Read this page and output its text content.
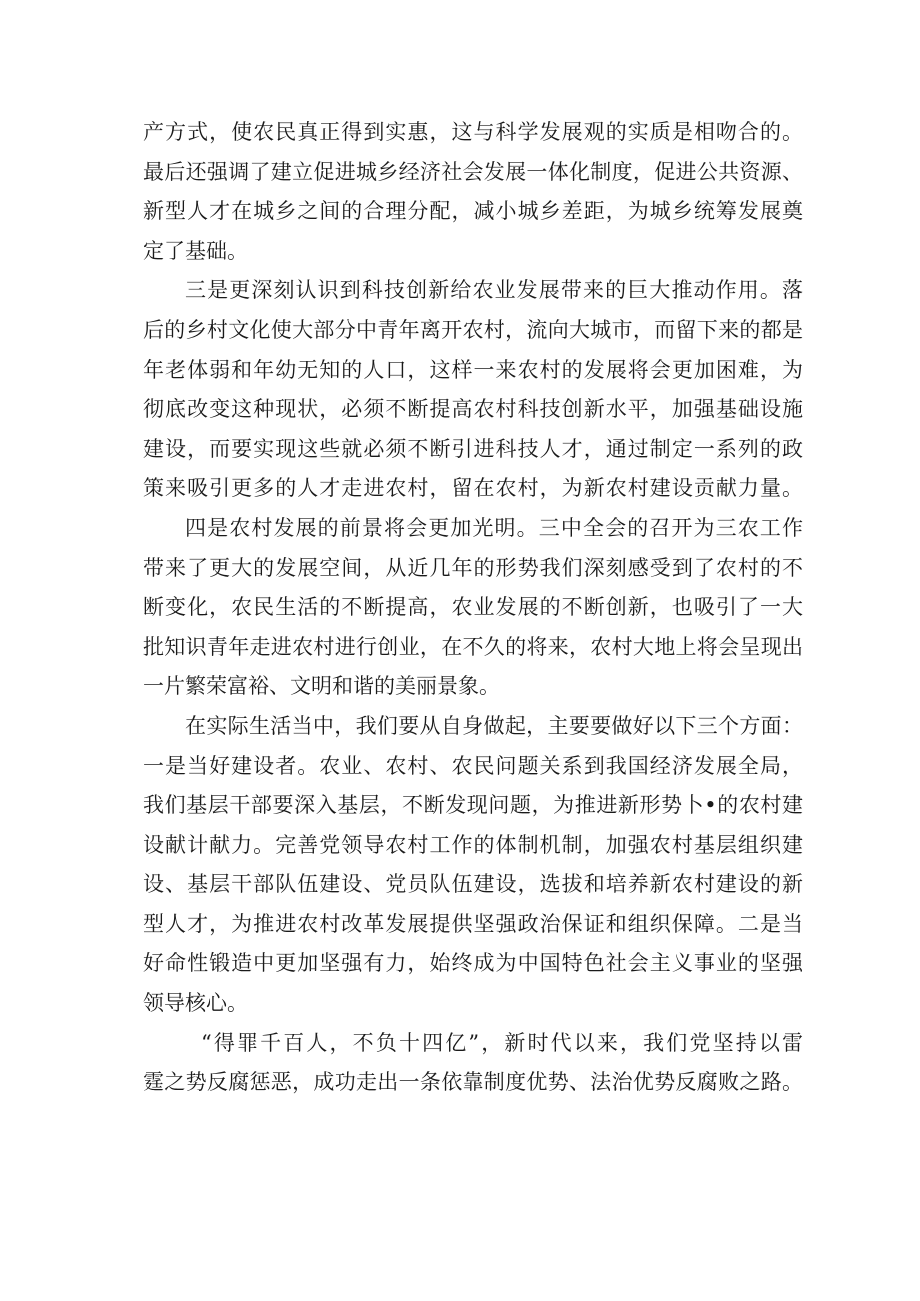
产方式，使农民真正得到实惠，这与科学发展观的实质是相吻合的。
最后还强调了建立促进城乡经济社会发展一体化制度，促进公共资源、
新型人才在城乡之间的合理分配，减小城乡差距，为城乡统筹发展奠
定了基础。
三是更深刻认识到科技创新给农业发展带来的巨大推动作用。落
后的乡村文化使大部分中青年离开农村，流向大城市，而留下来的都是
年老体弱和年幼无知的人口，这样一来农村的发展将会更加困难，为
彻底改变这种现状，必须不断提高农村科技创新水平，加强基础设施
建设，而要实现这些就必须不断引进科技人才，通过制定一系列的政
策来吸引更多的人才走进农村，留在农村，为新农村建设贡献力量。
四是农村发展的前景将会更加光明。三中全会的召开为三农工作
带来了更大的发展空间，从近几年的形势我们深刻感受到了农村的不
断变化，农民生活的不断提高，农业发展的不断创新，也吸引了一大
批知识青年走进农村进行创业，在不久的将来，农村大地上将会呈现出
一片繁荣富裕、文明和谐的美丽景象。
在实际生活当中，我们要从自身做起，主要要做好以下三个方面：
一是当好建设者。农业、农村、农民问题关系到我国经济发展全局，
我们基层干部要深入基层，不断发现问题，为推进新形势卜•的农村建
设献计献力。完善党领导农村工作的体制机制，加强农村基层组织建
设、基层干部队伍建设、党员队伍建设，选拔和培养新农村建设的新
型人才，为推进农村改革发展提供坚强政治保证和组织保障。二是当
好命性锻造中更加坚强有力，始终成为中国特色社会主义事业的坚强
领导核心。
“得罪千百人，不负十四亿”，新时代以来，我们党坚持以雷
霆之势反腐惩恶，成功走出一条依靠制度优势、法治优势反腐败之路。
